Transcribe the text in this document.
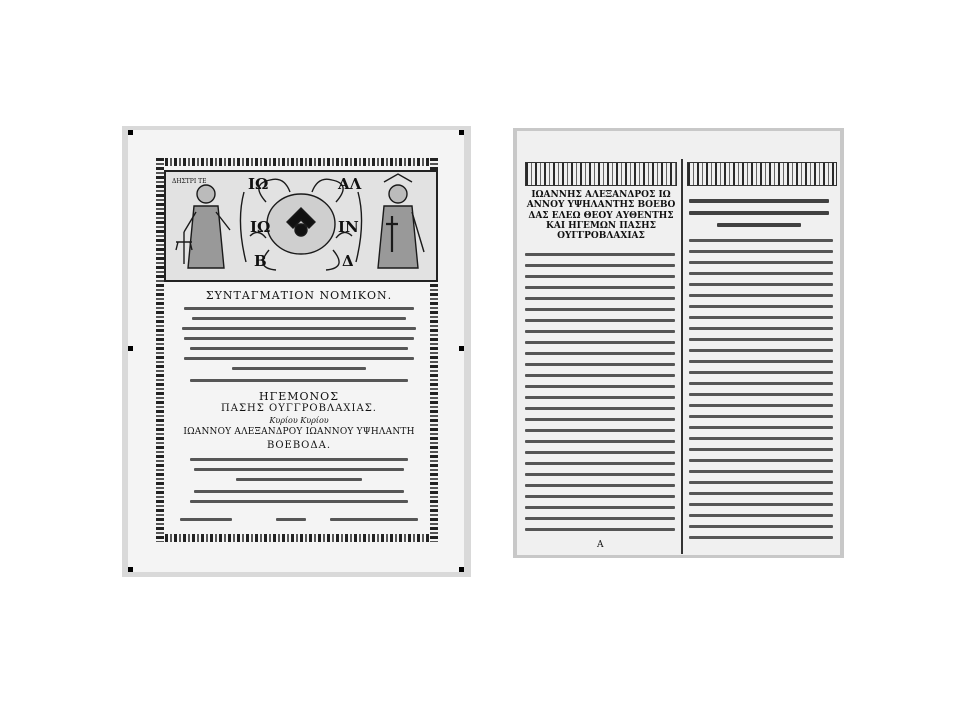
ΔΗΣΤΡΙ ΤΕ	ΙΩ	ΑΛ
ΙΩ	ΙΝ
Β	Δ
ΣΥΝΤΑΓΜΑΤΙΟΝ ΝΟΜΙΚΟΝ.
ΗΓΕΜΟΝΟΣ
ΠΑΣΗΣ ΟΥΓΓΡΟΒΛΑΧΙΑΣ.
Κυρίου Κυρίου
ΙΩΑΝΝΟΥ ΑΛΕΞΑΝΔΡΟΥ ΙΩΑΝΝΟΥ ΥΨΗΛΑΝΤΗ
ΒΟΕΒΟΔΑ.
ΙΩΑΝΝΗΣ ΑΛΕΞΑΝΔΡΟΣ ΙΩ
ΑΝΝΟΥ ΥΨΗΛΑΝΤΗΣ ΒΟΕΒΟ
ΔΑΣ ΕΛΕΩ ΘΕΟΥ ΑΥΘΕΝΤΗΣ
ΚΑΙ ΗΓΕΜΩΝ ΠΑΣΗΣ
ΟΥΓΓΡΟΒΛΑΧΙΑΣ
A
